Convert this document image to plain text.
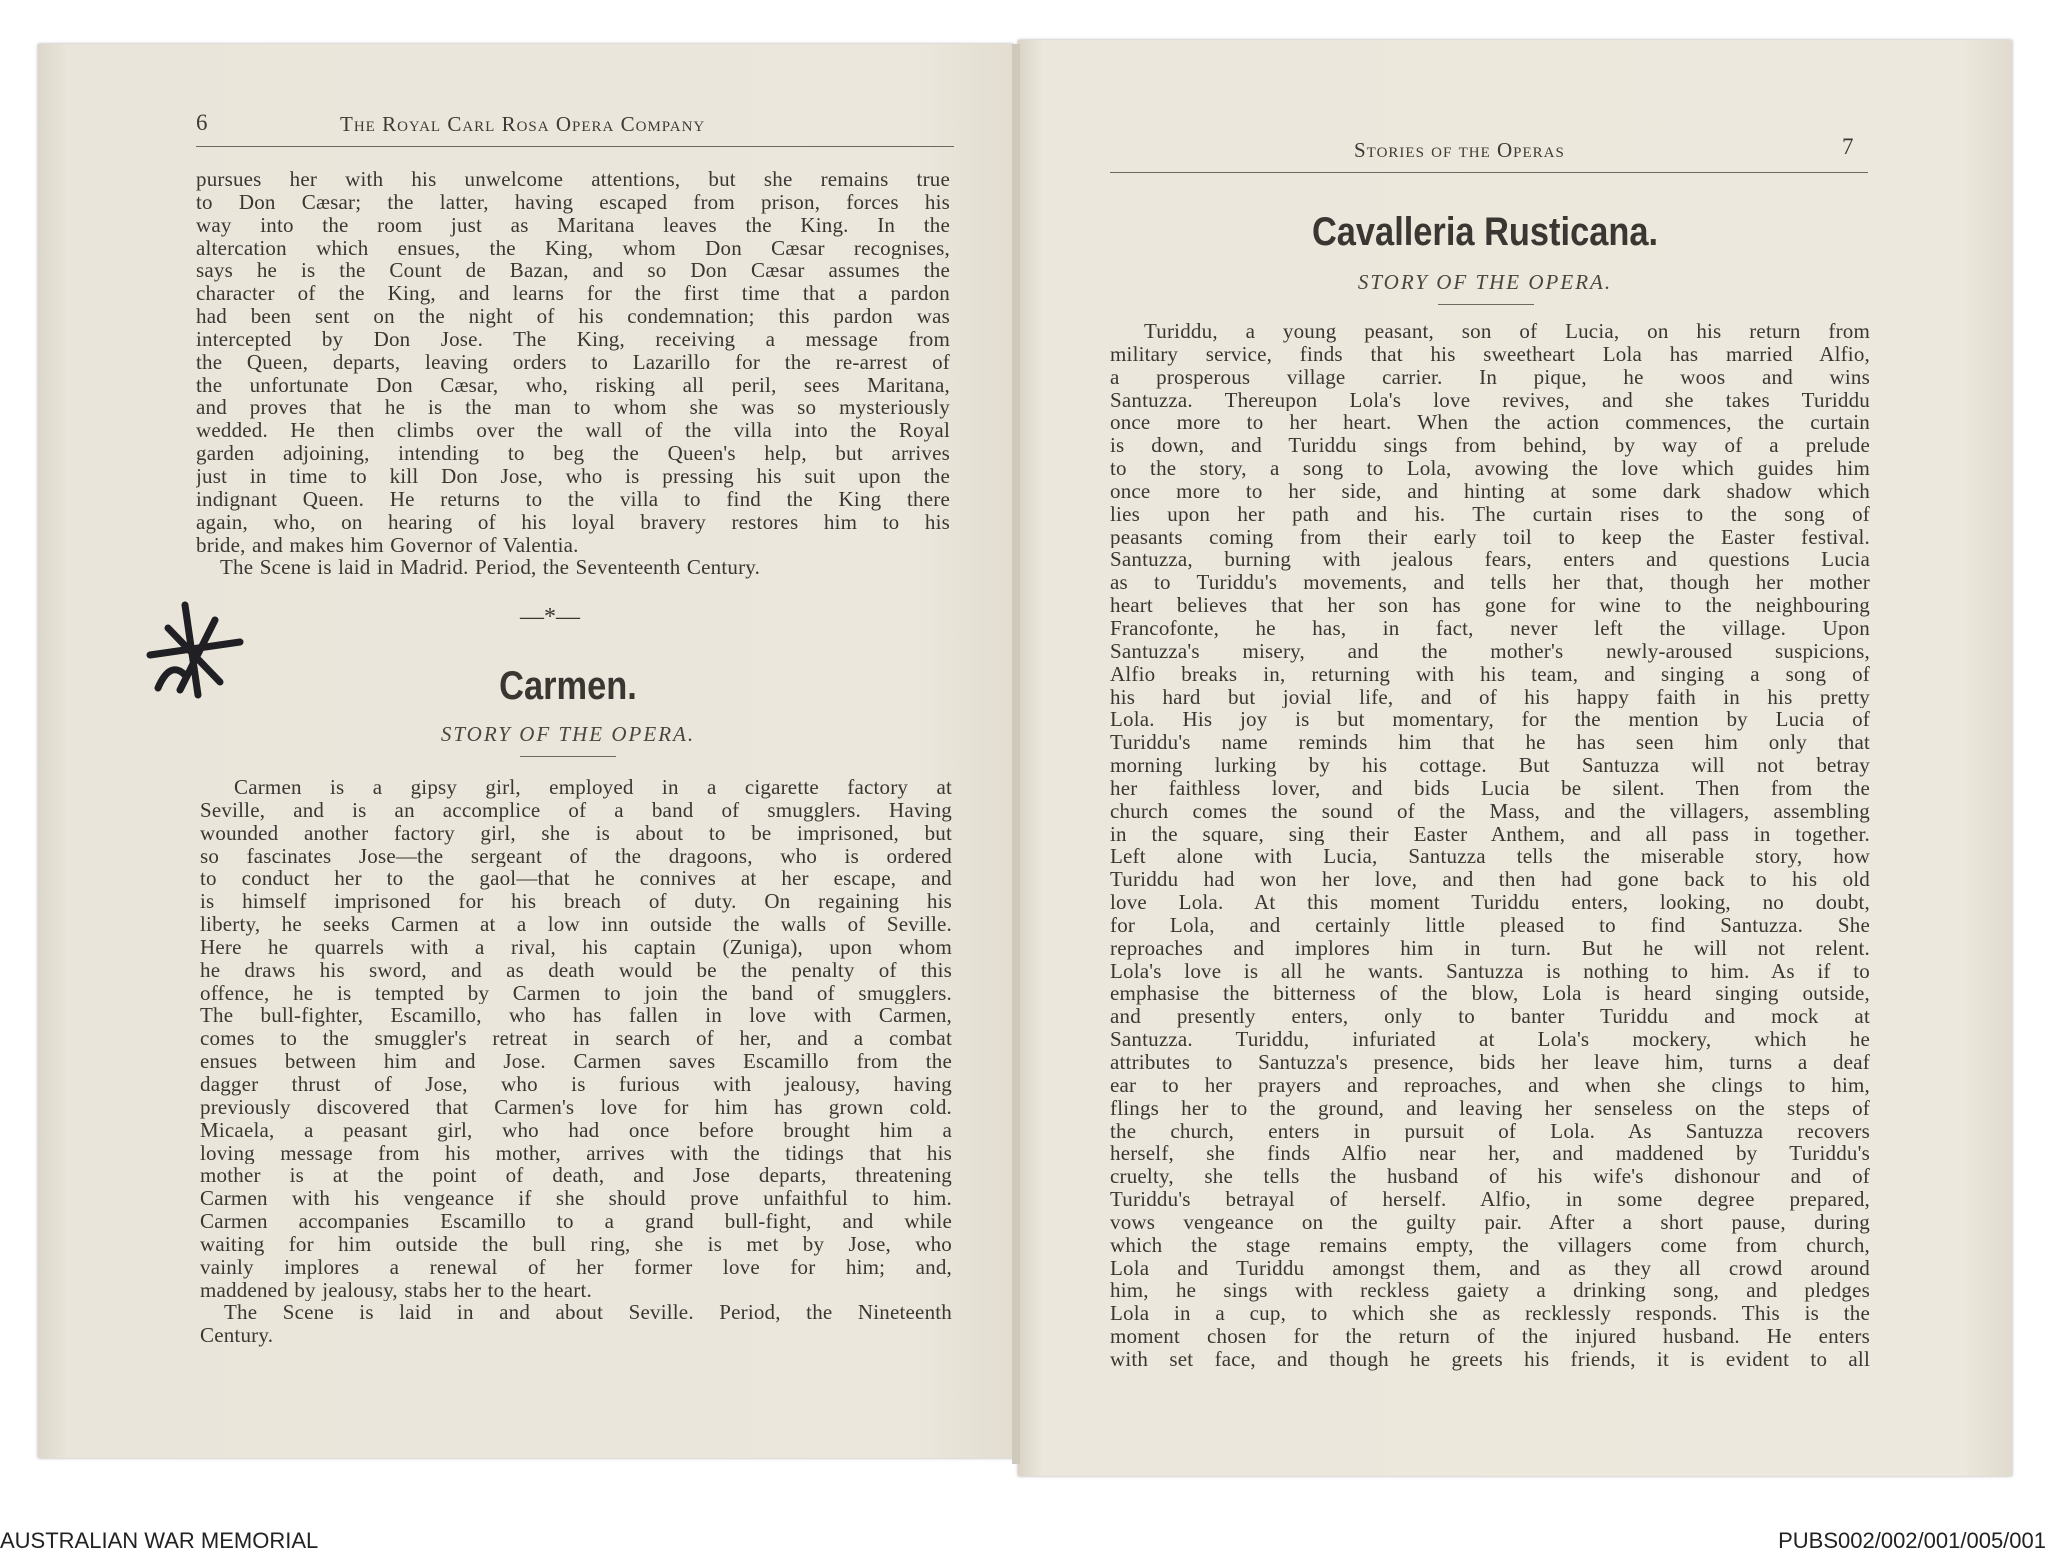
6	The Royal Carl Rosa Opera Company
pursues her with his unwelcome attentions, but she remains true
to Don Cæsar; the latter, having escaped from prison, forces his
way into the room just as Maritana leaves the King. In the
altercation which ensues, the King, whom Don Cæsar recognises,
says he is the Count de Bazan, and so Don Cæsar assumes the
character of the King, and learns for the first time that a pardon
had been sent on the night of his condemnation; this pardon was
intercepted by Don Jose. The King, receiving a message from
the Queen, departs, leaving orders to Lazarillo for the re-arrest of
the unfortunate Don Cæsar, who, risking all peril, sees Maritana,
and proves that he is the man to whom she was so mysteriously
wedded. He then climbs over the wall of the villa into the Royal
garden adjoining, intending to beg the Queen's help, but arrives
just in time to kill Don Jose, who is pressing his suit upon the
indignant Queen. He returns to the villa to find the King there
again, who, on hearing of his loyal bravery restores him to his
bride, and makes him Governor of Valentia.
The Scene is laid in Madrid. Period, the Seventeenth Century.
—*—
Carmen.
STORY OF THE OPERA.
Carmen is a gipsy girl, employed in a cigarette factory at
Seville, and is an accomplice of a band of smugglers. Having
wounded another factory girl, she is about to be imprisoned, but
so fascinates Jose—the sergeant of the dragoons, who is ordered
to conduct her to the gaol—that he connives at her escape, and
is himself imprisoned for his breach of duty. On regaining his
liberty, he seeks Carmen at a low inn outside the walls of Seville.
Here he quarrels with a rival, his captain (Zuniga), upon whom
he draws his sword, and as death would be the penalty of this
offence, he is tempted by Carmen to join the band of smugglers.
The bull-fighter, Escamillo, who has fallen in love with Carmen,
comes to the smuggler's retreat in search of her, and a combat
ensues between him and Jose. Carmen saves Escamillo from the
dagger thrust of Jose, who is furious with jealousy, having
previously discovered that Carmen's love for him has grown cold.
Micaela, a peasant girl, who had once before brought him a
loving message from his mother, arrives with the tidings that his
mother is at the point of death, and Jose departs, threatening
Carmen with his vengeance if she should prove unfaithful to him.
Carmen accompanies Escamillo to a grand bull-fight, and while
waiting for him outside the bull ring, she is met by Jose, who
vainly implores a renewal of her former love for him; and,
maddened by jealousy, stabs her to the heart.
The Scene is laid in and about Seville. Period, the Nineteenth
Century.
Stories of the Operas	7
Cavalleria Rusticana.
STORY OF THE OPERA.
Turiddu, a young peasant, son of Lucia, on his return from
military service, finds that his sweetheart Lola has married Alfio,
a prosperous village carrier. In pique, he woos and wins
Santuzza. Thereupon Lola's love revives, and she takes Turiddu
once more to her heart. When the action commences, the curtain
is down, and Turiddu sings from behind, by way of a prelude
to the story, a song to Lola, avowing the love which guides him
once more to her side, and hinting at some dark shadow which
lies upon her path and his. The curtain rises to the song of
peasants coming from their early toil to keep the Easter festival.
Santuzza, burning with jealous fears, enters and questions Lucia
as to Turiddu's movements, and tells her that, though her mother
heart believes that her son has gone for wine to the neighbouring
Francofonte, he has, in fact, never left the village. Upon
Santuzza's misery, and the mother's newly-aroused suspicions,
Alfio breaks in, returning with his team, and singing a song of
his hard but jovial life, and of his happy faith in his pretty
Lola. His joy is but momentary, for the mention by Lucia of
Turiddu's name reminds him that he has seen him only that
morning lurking by his cottage. But Santuzza will not betray
her faithless lover, and bids Lucia be silent. Then from the
church comes the sound of the Mass, and the villagers, assembling
in the square, sing their Easter Anthem, and all pass in together.
Left alone with Lucia, Santuzza tells the miserable story, how
Turiddu had won her love, and then had gone back to his old
love Lola. At this moment Turiddu enters, looking, no doubt,
for Lola, and certainly little pleased to find Santuzza. She
reproaches and implores him in turn. But he will not relent.
Lola's love is all he wants. Santuzza is nothing to him. As if to
emphasise the bitterness of the blow, Lola is heard singing outside,
and presently enters, only to banter Turiddu and mock at
Santuzza. Turiddu, infuriated at Lola's mockery, which he
attributes to Santuzza's presence, bids her leave him, turns a deaf
ear to her prayers and reproaches, and when she clings to him,
flings her to the ground, and leaving her senseless on the steps of
the church, enters in pursuit of Lola. As Santuzza recovers
herself, she finds Alfio near her, and maddened by Turiddu's
cruelty, she tells the husband of his wife's dishonour and of
Turiddu's betrayal of herself. Alfio, in some degree prepared,
vows vengeance on the guilty pair. After a short pause, during
which the stage remains empty, the villagers come from church,
Lola and Turiddu amongst them, and as they all crowd around
him, he sings with reckless gaiety a drinking song, and pledges
Lola in a cup, to which she as recklessly responds. This is the
moment chosen for the return of the injured husband. He enters
with set face, and though he greets his friends, it is evident to all
AUSTRALIAN WAR MEMORIAL	PUBS002/002/001/005/001
